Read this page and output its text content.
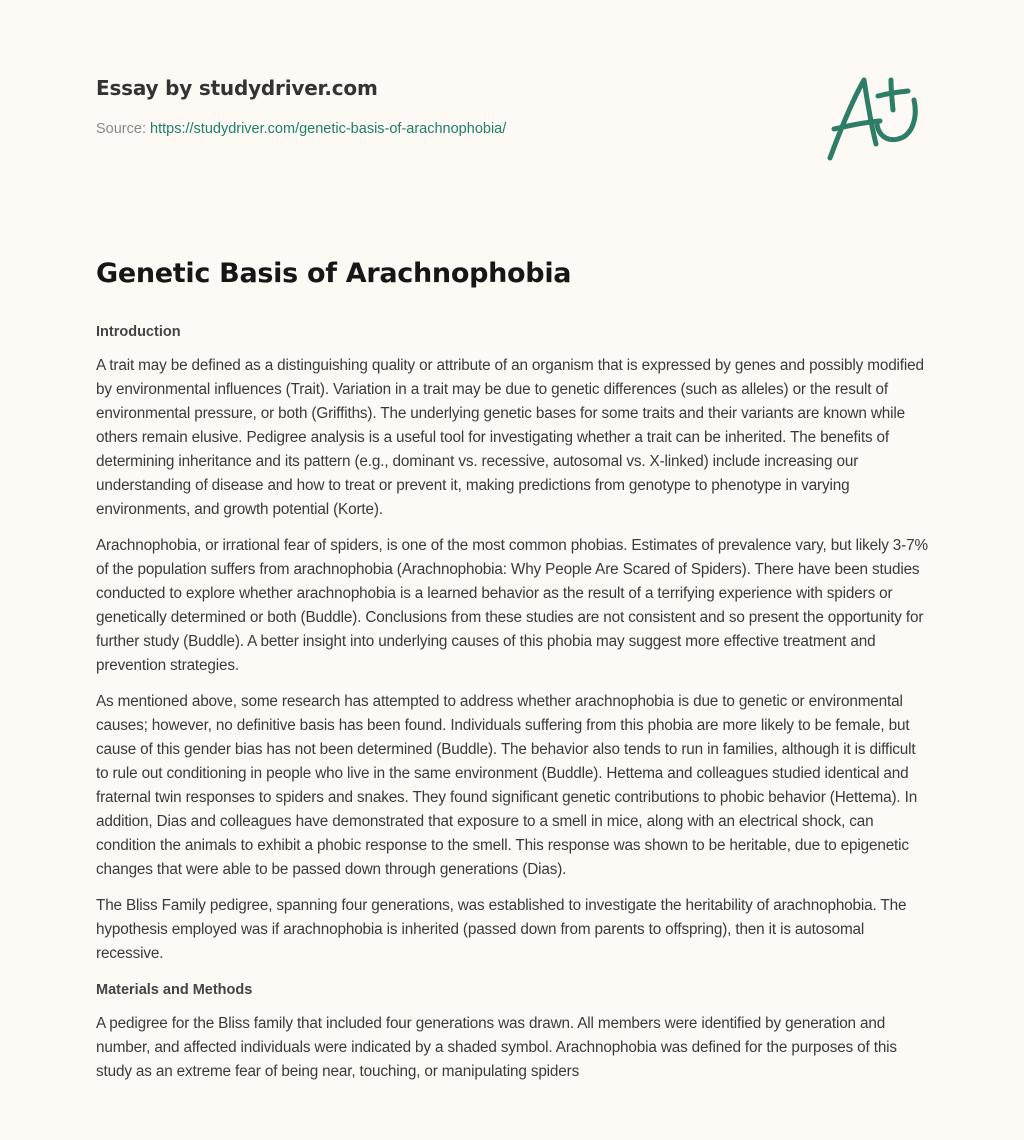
Essay by studydriver.com
Source: https://studydriver.com/genetic-basis-of-arachnophobia/
Genetic Basis of Arachnophobia
Introduction

A trait may be defined as a distinguishing quality or attribute of an organism that is expressed by genes and possibly modified by environmental influences (Trait). Variation in a trait may be due to genetic differences (such as alleles) or the result of environmental pressure, or both (Griffiths). The underlying genetic bases for some traits and their variants are known while others remain elusive. Pedigree analysis is a useful tool for investigating whether a trait can be inherited. The benefits of determining inheritance and its pattern (e.g., dominant vs. recessive, autosomal vs. X-linked) include increasing our understanding of disease and how to treat or prevent it, making predictions from genotype to phenotype in varying environments, and growth potential (Korte).

Arachnophobia, or irrational fear of spiders, is one of the most common phobias. Estimates of prevalence vary, but likely 3-7% of the population suffers from arachnophobia (Arachnophobia: Why People Are Scared of Spiders). There have been studies conducted to explore whether arachnophobia is a learned behavior as the result of a terrifying experience with spiders or genetically determined or both (Buddle). Conclusions from these studies are not consistent and so present the opportunity for further study (Buddle). A better insight into underlying causes of this phobia may suggest more effective treatment and prevention strategies.

As mentioned above, some research has attempted to address whether arachnophobia is due to genetic or environmental causes; however, no definitive basis has been found. Individuals suffering from this phobia are more likely to be female, but cause of this gender bias has not been determined (Buddle). The behavior also tends to run in families, although it is difficult to rule out conditioning in people who live in the same environment (Buddle). Hettema and colleagues studied identical and fraternal twin responses to spiders and snakes. They found significant genetic contributions to phobic behavior (Hettema). In addition, Dias and colleagues have demonstrated that exposure to a smell in mice, along with an electrical shock, can condition the animals to exhibit a phobic response to the smell. This response was shown to be heritable, due to epigenetic changes that were able to be passed down through generations (Dias).

The Bliss Family pedigree, spanning four generations, was established to investigate the heritability of arachnophobia. The hypothesis employed was if arachnophobia is inherited (passed down from parents to offspring), then it is autosomal recessive.

Materials and Methods

A pedigree for the Bliss family that included four generations was drawn. All members were identified by generation and number, and affected individuals were indicated by a shaded symbol. Arachnophobia was defined for the purposes of this study as an extreme fear of being near, touching, or manipulating spiders
